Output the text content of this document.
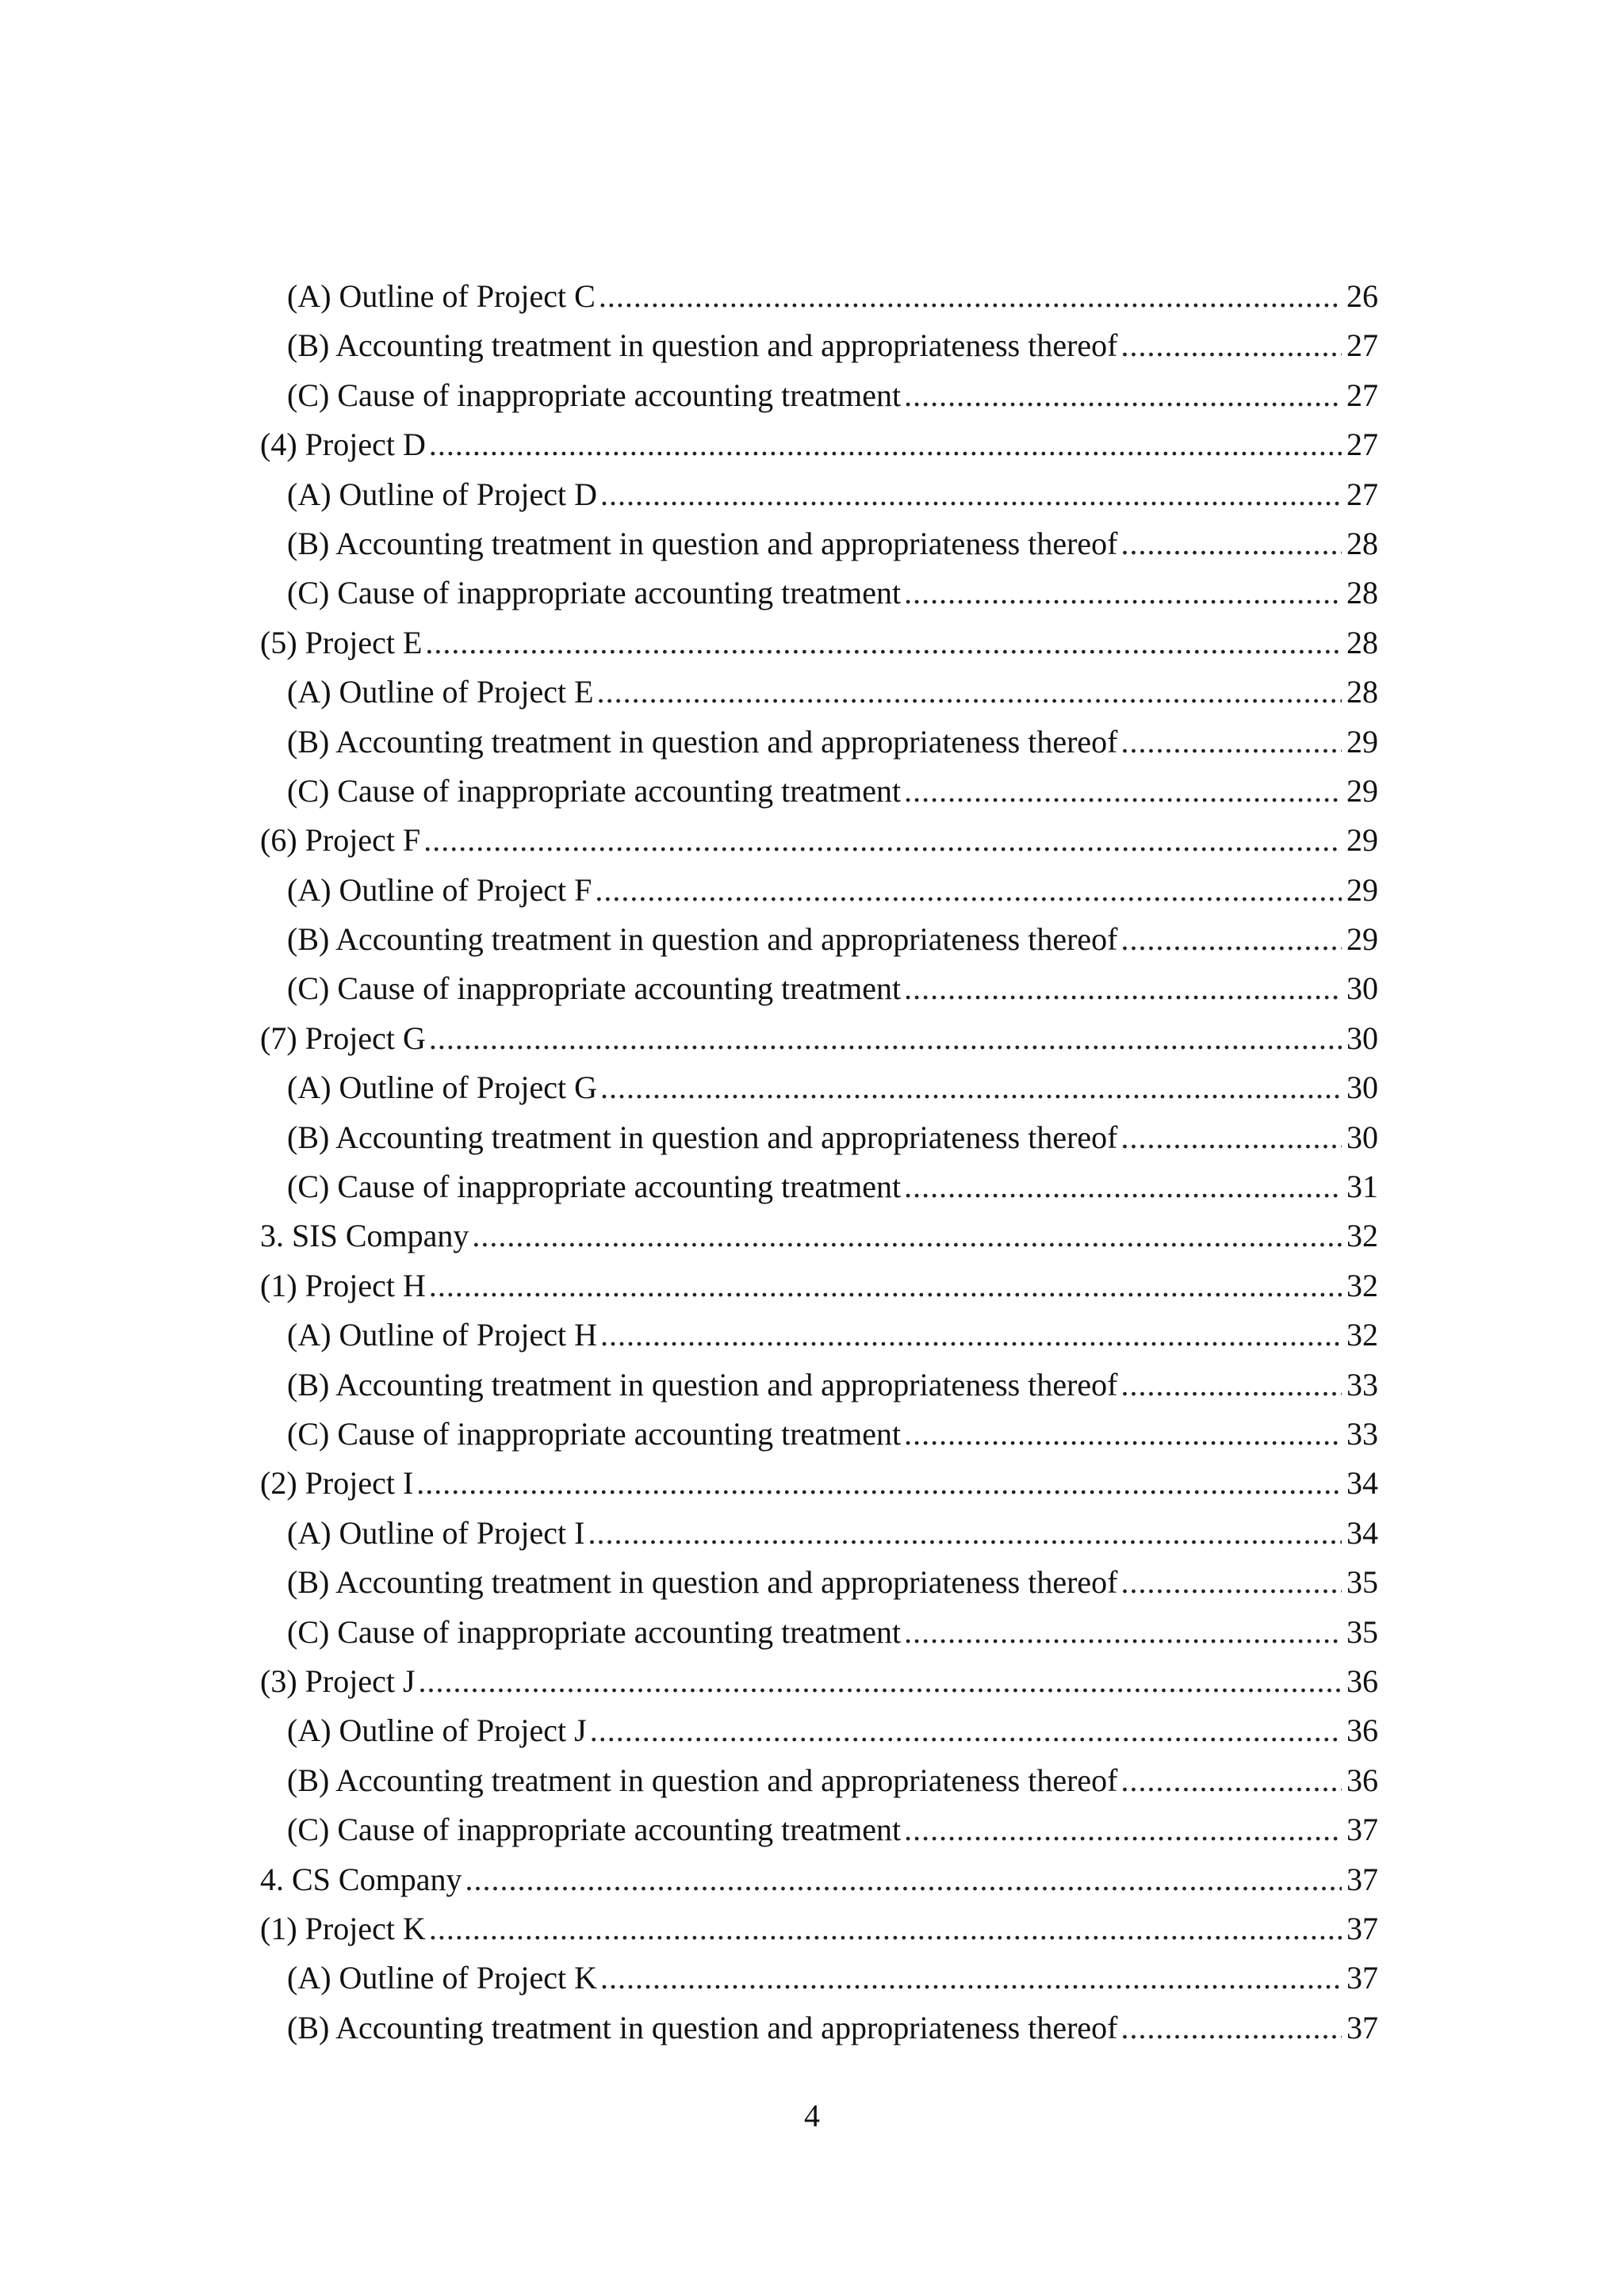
(A) Outline of Project C .....	26
(B) Accounting treatment in question and appropriateness thereof .....	27
(C) Cause of inappropriate accounting treatment .....	27
(4) Project D .....	27
(A) Outline of Project D .....	27
(B) Accounting treatment in question and appropriateness thereof .....	28
(C) Cause of inappropriate accounting treatment .....	28
(5) Project E .....	28
(A) Outline of Project E .....	28
(B) Accounting treatment in question and appropriateness thereof .....	29
(C) Cause of inappropriate accounting treatment .....	29
(6) Project F .....	29
(A) Outline of Project F .....	29
(B) Accounting treatment in question and appropriateness thereof .....	29
(C) Cause of inappropriate accounting treatment .....	30
(7) Project G .....	30
(A) Outline of Project G .....	30
(B) Accounting treatment in question and appropriateness thereof .....	30
(C) Cause of inappropriate accounting treatment .....	31
3. SIS Company .....	32
(1) Project H .....	32
(A) Outline of Project H .....	32
(B) Accounting treatment in question and appropriateness thereof .....	33
(C) Cause of inappropriate accounting treatment .....	33
(2) Project I .....	34
(A) Outline of Project I .....	34
(B) Accounting treatment in question and appropriateness thereof .....	35
(C) Cause of inappropriate accounting treatment .....	35
(3) Project J .....	36
(A) Outline of Project J .....	36
(B) Accounting treatment in question and appropriateness thereof .....	36
(C) Cause of inappropriate accounting treatment .....	37
4. CS Company .....	37
(1) Project K .....	37
(A) Outline of Project K .....	37
(B) Accounting treatment in question and appropriateness thereof .....	37
4
